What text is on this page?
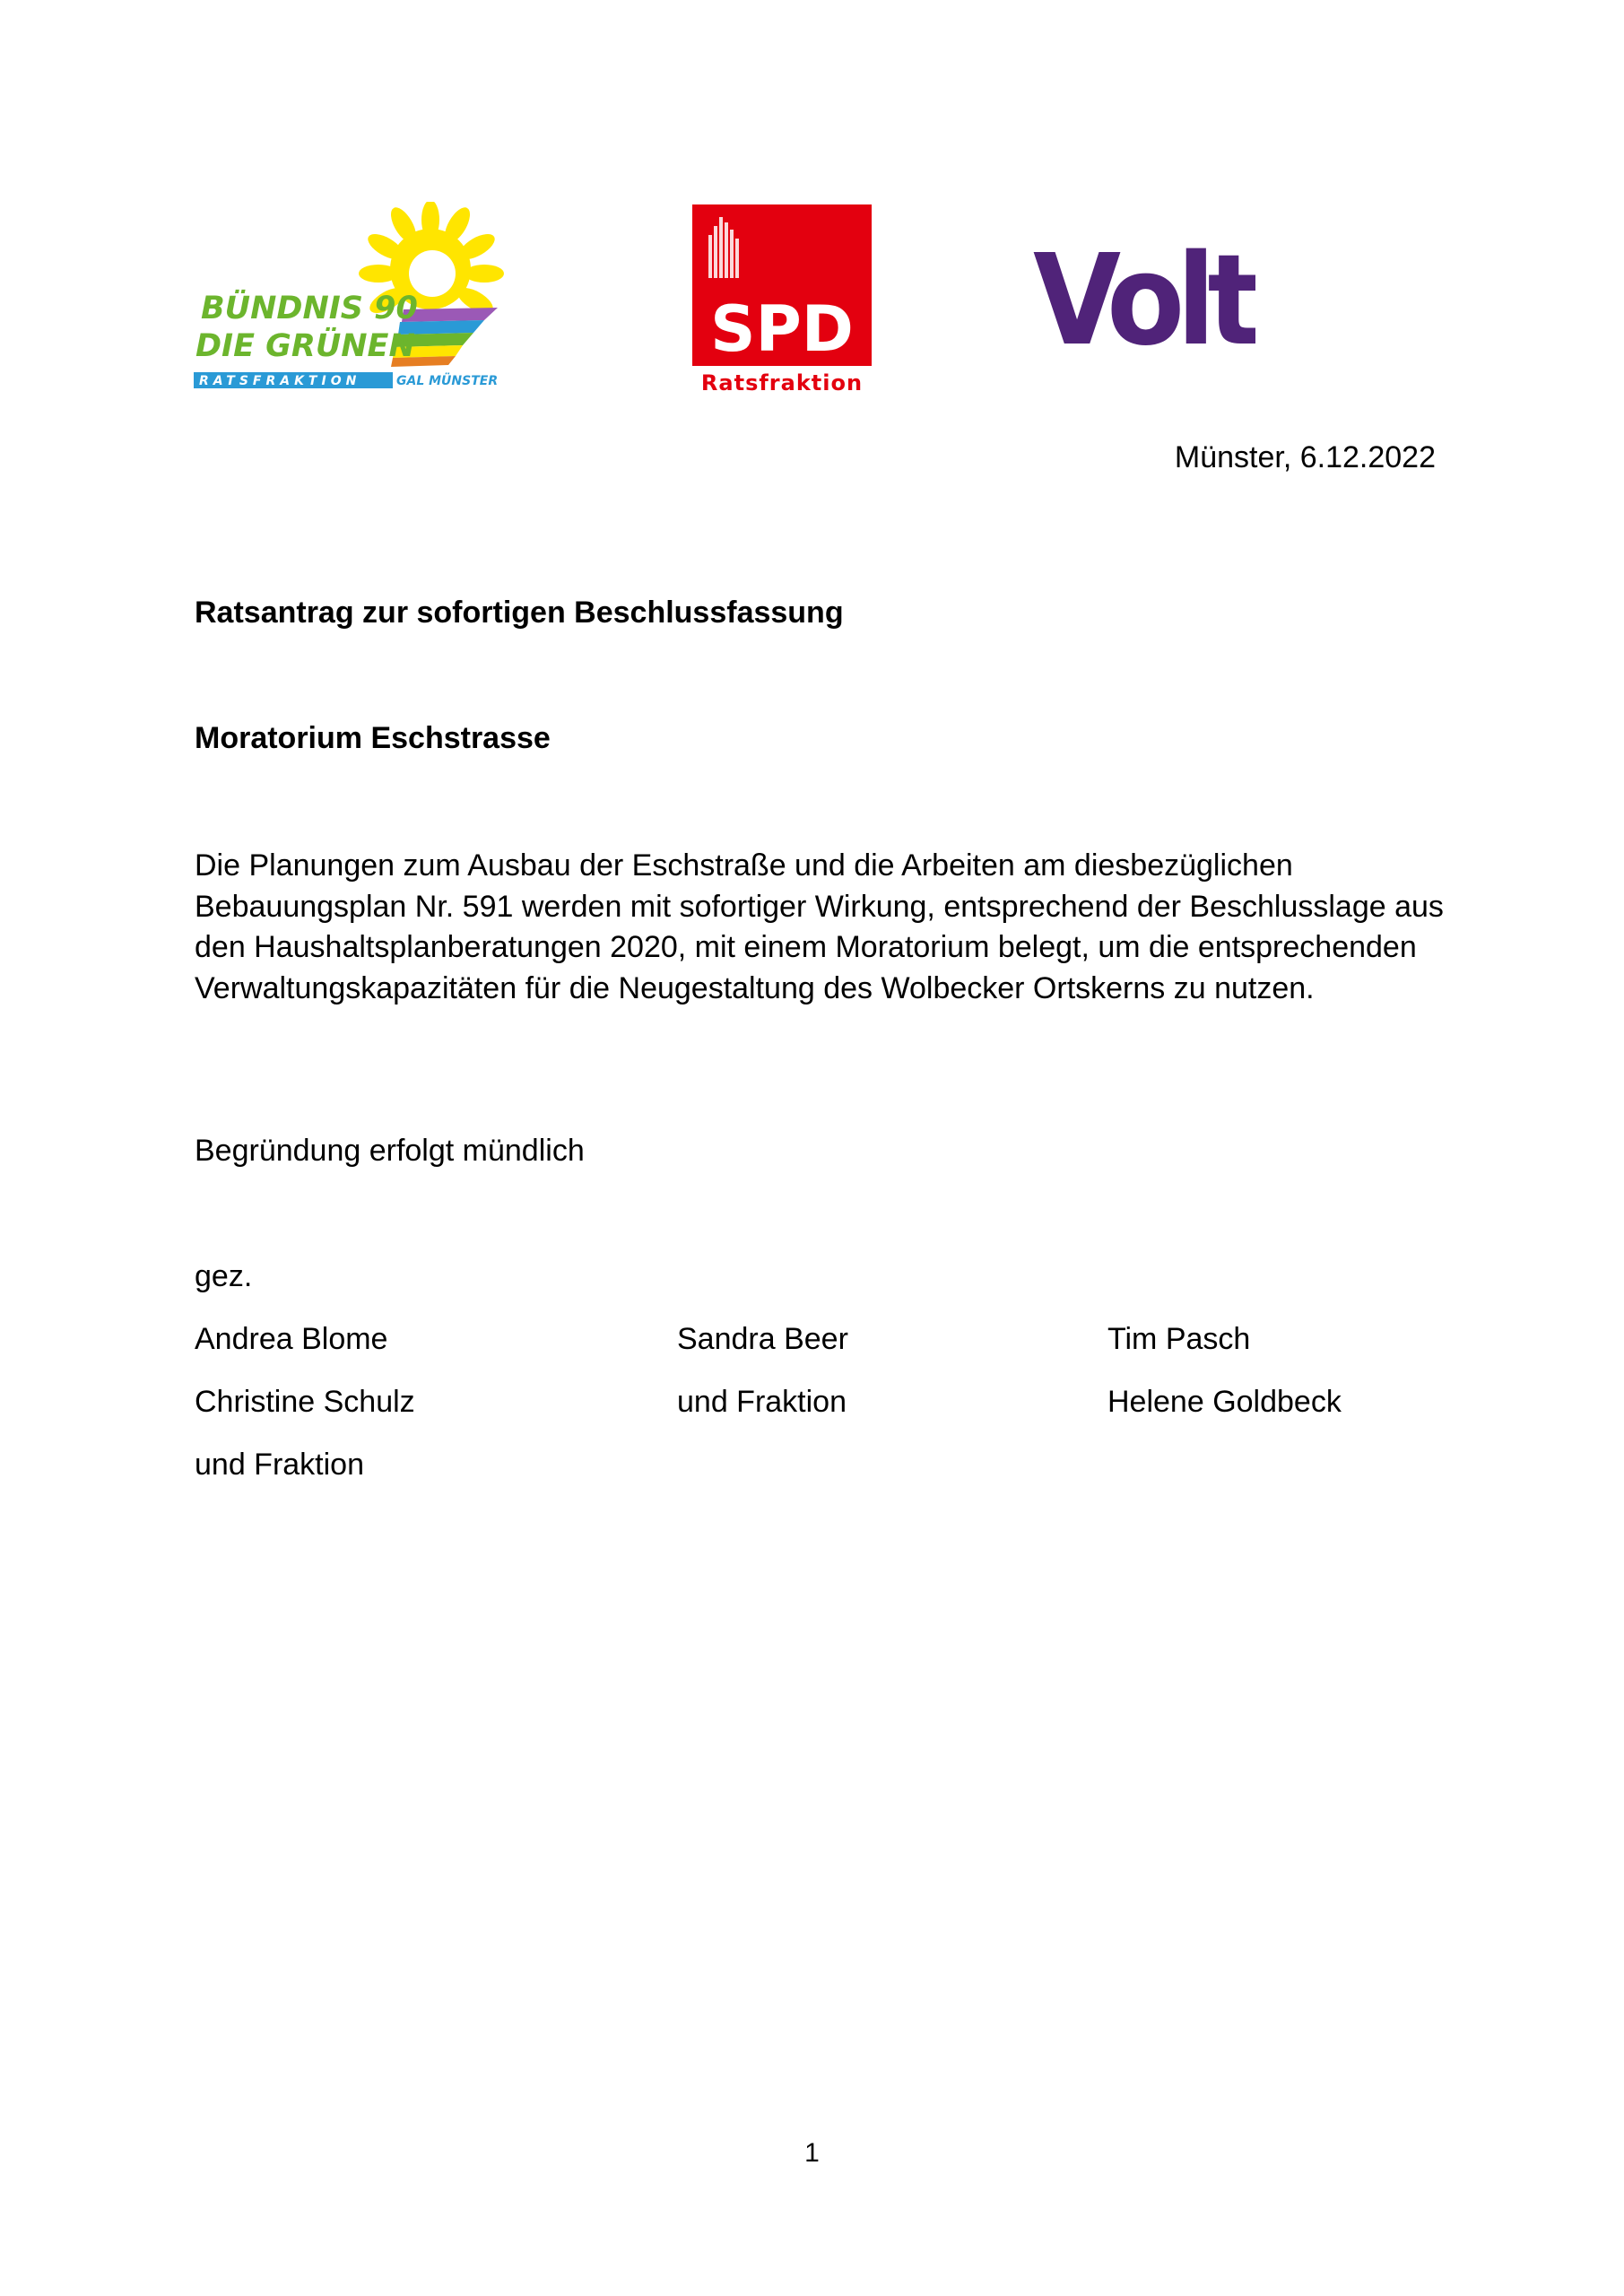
BÜNDNIS 90
DIE GRÜNEN
RATSFRAKTION	GAL MÜNSTER
SPD
Ratsfraktion
Volt
Münster, 6.12.2022
Ratsantrag zur sofortigen Beschlussfassung
Moratorium Eschstrasse

Die Planungen zum Ausbau der Eschstraße und die Arbeiten am diesbezüglichen Bebauungsplan Nr. 591 werden mit sofortiger Wirkung, entsprechend der Beschlusslage aus den Haushaltsplanberatungen 2020, mit einem Moratorium belegt, um die entsprechenden Verwaltungskapazitäten für die Neugestaltung des Wolbecker Ortskerns zu nutzen.

Begründung erfolgt mündlich
gez.
Andrea Blome
Christine Schulz
und Fraktion
Sandra Beer
und Fraktion
Tim Pasch
Helene Goldbeck
1
